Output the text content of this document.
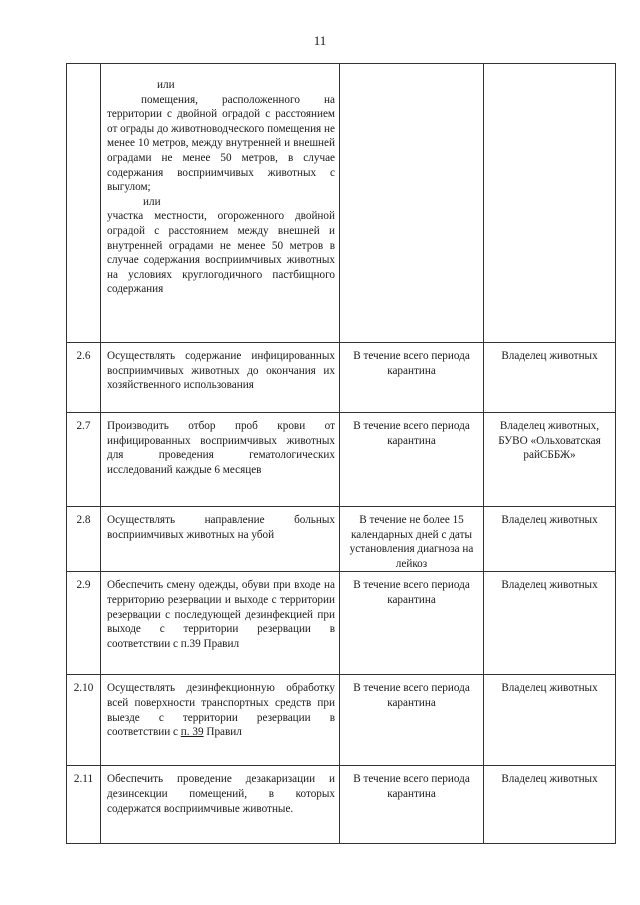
11

	или
помещения, расположенного на территории с двойной оградой с расстоянием от ограды до животноводческого помещения не менее 10 метров, между внутренней и внешней оградами не менее 50 метров, в случае содержания восприимчивых животных с выгулом;
или
участка местности, огороженного двойной оградой с расстоянием между внешней и внутренней оградами не менее 50 метров в случае содержания восприимчивых животных на условиях круглогодичного пастбищного содержания		

2.6	Осуществлять содержание инфицированных восприимчивых животных до окончания их хозяйственного использования	В течение всего периода карантина	Владелец животных
2.7	Производить отбор проб крови от инфицированных восприимчивых животных для проведения гематологических исследований каждые 6 месяцев	В течение всего периода карантина	Владелец животных, БУВО «Ольховатская райСББЖ»
2.8	Осуществлять направление больных восприимчивых животных на убой	В течение не более 15 календарных дней с даты установления диагноза на лейкоз	Владелец животных
2.9	Обеспечить смену одежды, обуви при входе на территорию резервации и выходе с территории резервации с последующей дезинфекцией при выходе с территории резервации в соответствии с п.39 Правил	В течение всего периода карантина	Владелец животных
2.10	Осуществлять дезинфекционную обработку всей поверхности транспортных средств при выезде с территории резервации в соответствии с п. 39 Правил	В течение всего периода карантина	Владелец животных
2.11	Обеспечить проведение дезакаризации и дезинсекции помещений, в которых содержатся восприимчивые животные.	В течение всего периода карантина	Владелец животных
